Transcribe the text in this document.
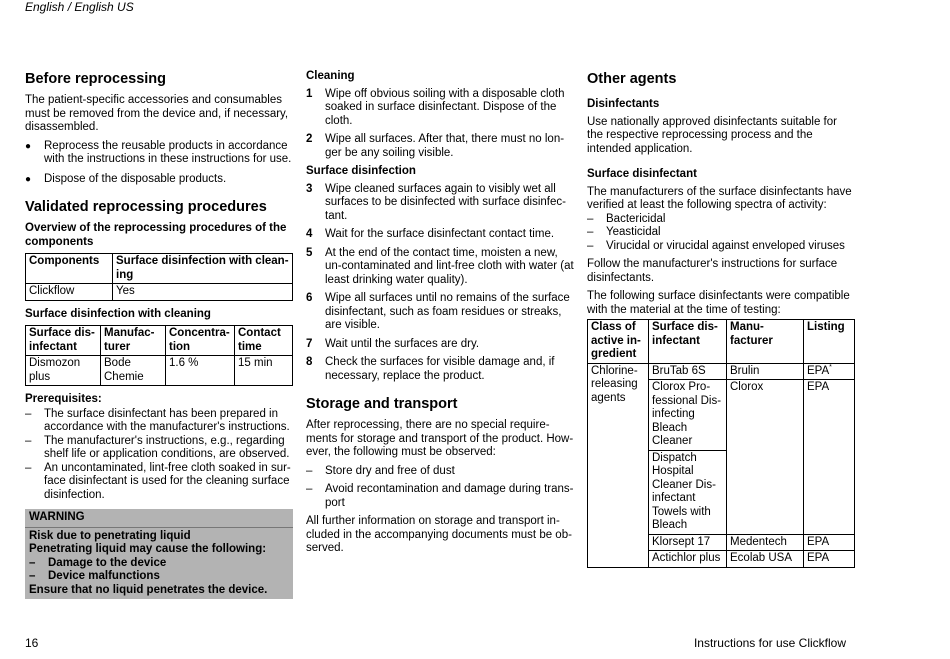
English / English US
Before reprocessing

The patient-specific accessories and consumables must be removed from the device and, if necessary, disassembled.

● Reprocess the reusable products in accordance with the instructions in these instructions for use.
● Dispose of the disposable products.
Validated reprocessing procedures
Overview of the reprocessing procedures of the components
Components	Surface disinfection with clean-ing
Clickflow	Yes
Surface disinfection with cleaning
Surface dis-infectant	Manufac-turer	Concentra-tion	Contact time
Dismozon plus	Bode Chemie	1.6 %	15 min
Prerequisites:
– The surface disinfectant has been prepared in accordance with the manufacturer's instructions.
– The manufacturer's instructions, e.g., regarding shelf life or application conditions, are observed.
– An uncontaminated, lint-free cloth soaked in sur-face disinfectant is used for the cleaning surface disinfection.
WARNING
Risk due to penetrating liquid
Penetrating liquid may cause the following:
– Damage to the device
– Device malfunctions
Ensure that no liquid penetrates the device.
Cleaning
1 Wipe off obvious soiling with a disposable cloth soaked in surface disinfectant. Dispose of the cloth.
2 Wipe all surfaces. After that, there must no lon-ger be any soiling visible.
Surface disinfection
3 Wipe cleaned surfaces again to visibly wet all surfaces to be disinfected with surface disinfec-tant.
4 Wait for the surface disinfectant contact time.
5 At the end of the contact time, moisten a new, un-contaminated and lint-free cloth with water (at least drinking water quality).
6 Wipe all surfaces until no remains of the surface disinfectant, such as foam residues or streaks, are visible.
7 Wait until the surfaces are dry.
8 Check the surfaces for visible damage and, if necessary, replace the product.
Storage and transport

After reprocessing, there are no special require-ments for storage and transport of the product. How-ever, the following must be observed:

– Store dry and free of dust
– Avoid recontamination and damage during trans-port

All further information on storage and transport in-cluded in the accompanying documents must be ob-served.

Other agents
Disinfectants

Use nationally approved disinfectants suitable for the respective reprocessing process and the intended application.

Surface disinfectant

The manufacturers of the surface disinfectants have verified at least the following spectra of activity:

– Bactericidal
– Yeasticidal
– Virucidal or virucidal against enveloped viruses

Follow the manufacturer's instructions for surface disinfectants.

The following surface disinfectants were compatible with the material at the time of testing:

Class of active in-gredient	Surface dis-infectant	Manu-facturer	Listing
Chlorine-releasing agents	BruTab 6S	Brulin	EPA*
	Clorox Pro-fessional Dis-infecting Bleach Cleaner	Clorox	EPA
	Dispatch Hospital Cleaner Dis-infectant Towels with Bleach		
	Klorsept 17	Medentech	EPA
	Actichlor plus	Ecolab USA	EPA
16	Instructions for use Clickflow
